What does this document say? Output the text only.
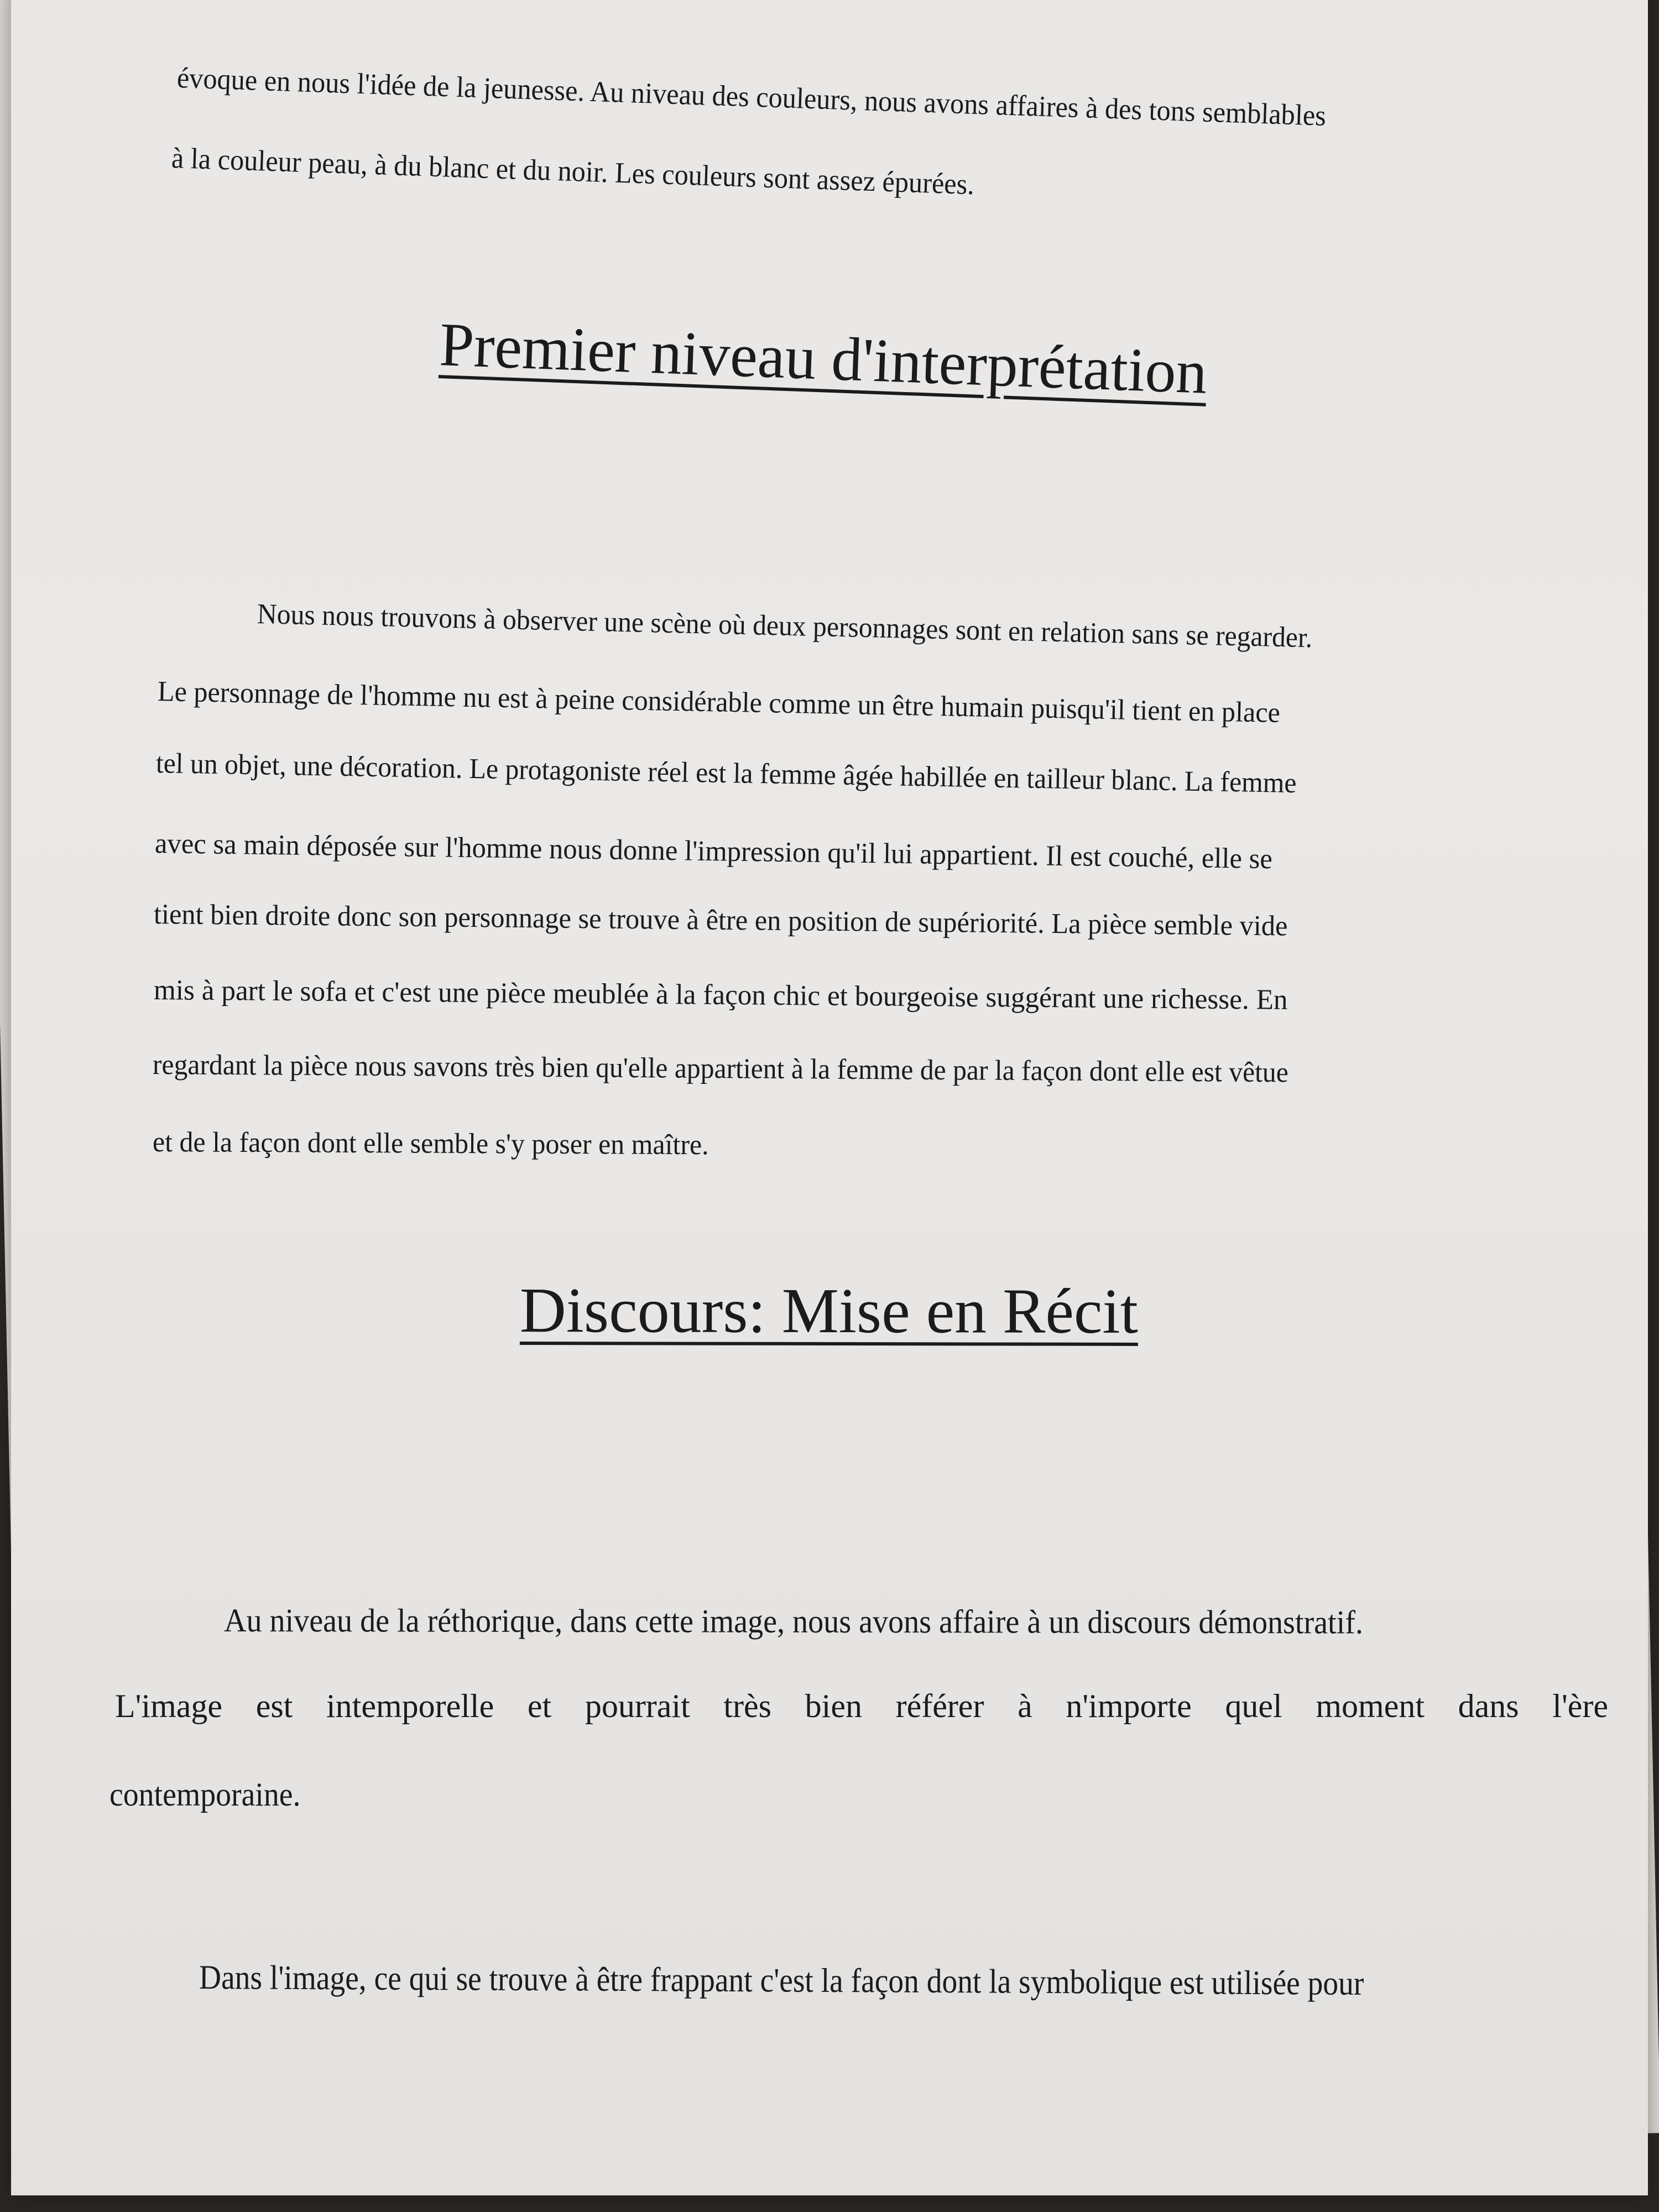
évoque en nous l'idée de la jeunesse. Au niveau des couleurs, nous avons affaires à des tons semblables
à la couleur peau, à du blanc et du noir. Les couleurs sont assez épurées.
Premier niveau d'interprétation
Nous nous trouvons à observer une scène où deux personnages sont en relation sans se regarder.
Le personnage de l'homme nu est à peine considérable comme un être humain puisqu'il tient en place
tel un objet, une décoration. Le protagoniste réel est la femme âgée habillée en tailleur blanc. La femme
avec sa main déposée sur l'homme nous donne l'impression qu'il lui appartient. Il est couché, elle se
tient bien droite donc son personnage se trouve à être en position de supériorité. La pièce semble vide
mis à part le sofa et c'est une pièce meublée à la façon chic et bourgeoise suggérant une richesse. En
regardant la pièce nous savons très bien qu'elle appartient à la femme de par la façon dont elle est vêtue
et de la façon dont elle semble s'y poser en maître.
Discours: Mise en Récit
Au niveau de la réthorique, dans cette image, nous avons affaire à un discours démonstratif.
L'image est intemporelle et pourrait très bien référer à n'importe quel moment dans l'ère
contemporaine.
Dans l'image, ce qui se trouve à être frappant c'est la façon dont la symbolique est utilisée pour
